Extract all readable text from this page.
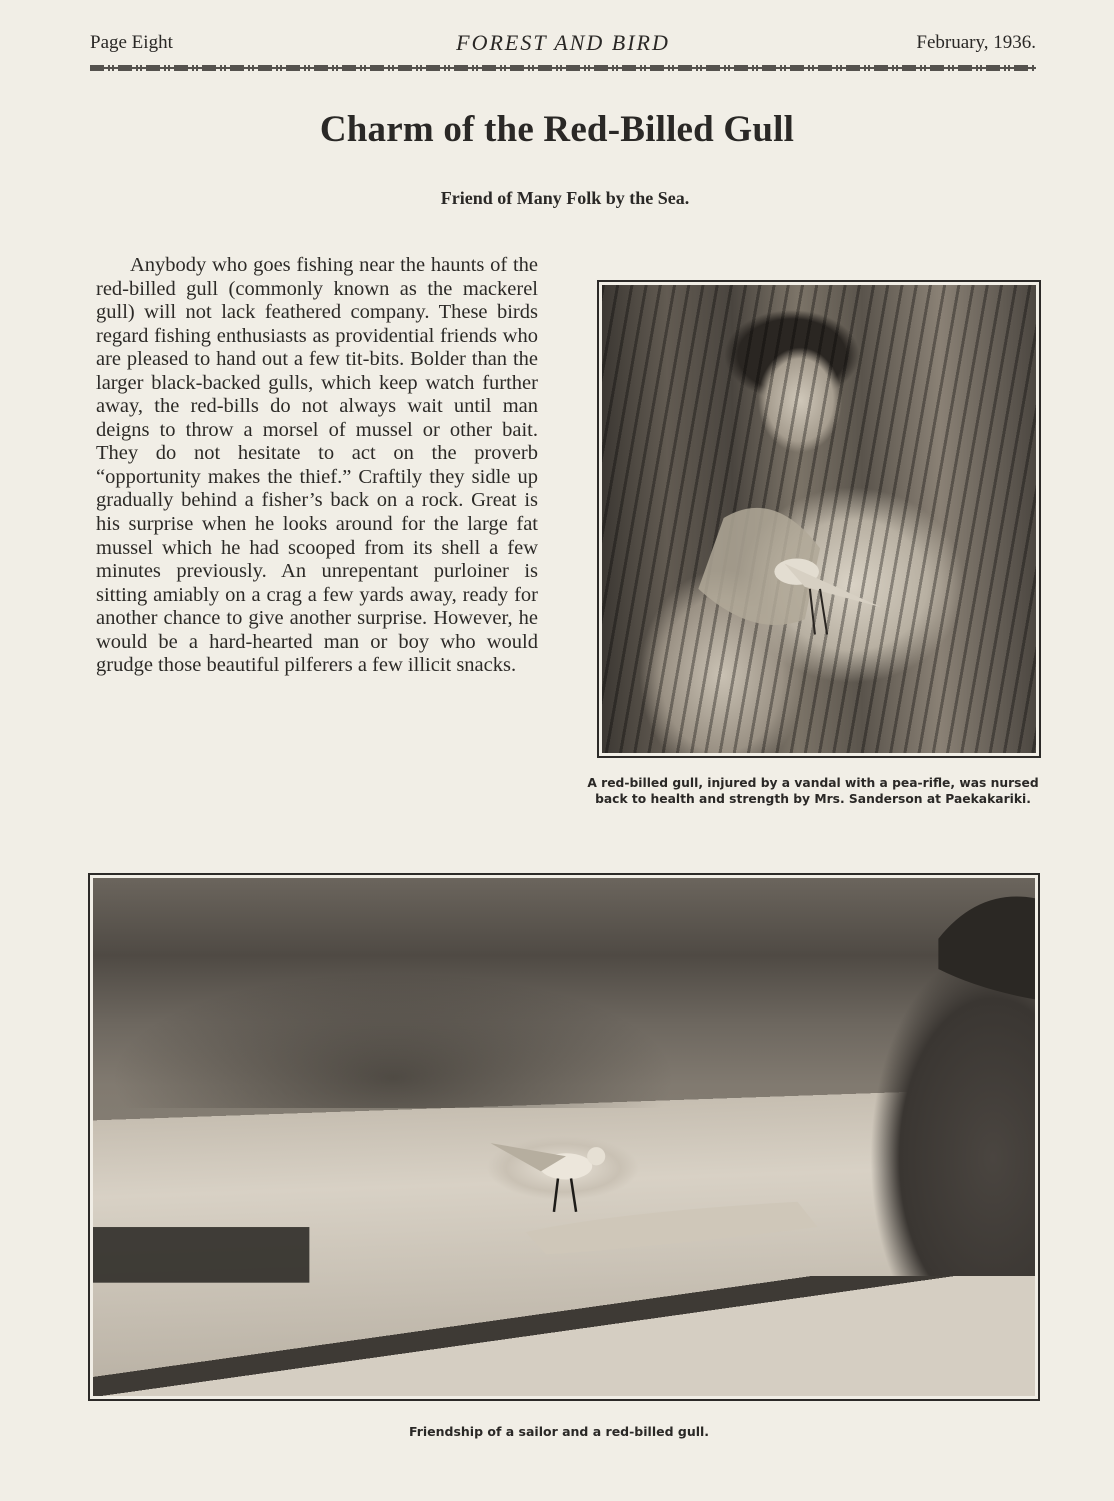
Page Eight	FOREST AND BIRD	February, 1936.
Charm of the Red-Billed Gull
Friend of Many Folk by the Sea.

Anybody who goes fishing near the haunts of the red-billed gull (commonly known as the mackerel gull) will not lack feathered company. These birds regard fishing enthusiasts as providential friends who are pleased to hand out a few tit-bits. Bolder than the larger black-backed gulls, which keep watch further away, the red-bills do not always wait until man deigns to throw a morsel of mussel or other bait. They do not hesitate to act on the proverb “opportunity makes the thief.” Craftily they sidle up gradually behind a fisher’s back on a rock. Great is his surprise when he looks around for the large fat mussel which he had scooped from its shell a few minutes previously. An unrepentant purloiner is sitting amiably on a crag a few yards away, ready for another chance to give another surprise. However, he would be a hard-hearted man or boy who would grudge those beautiful pilferers a few illicit snacks.

A red-billed gull, injured by a vandal with a pea-rifle, was nursed back to health and strength by Mrs. Sanderson at Paekakariki.

Friendship of a sailor and a red-billed gull.
